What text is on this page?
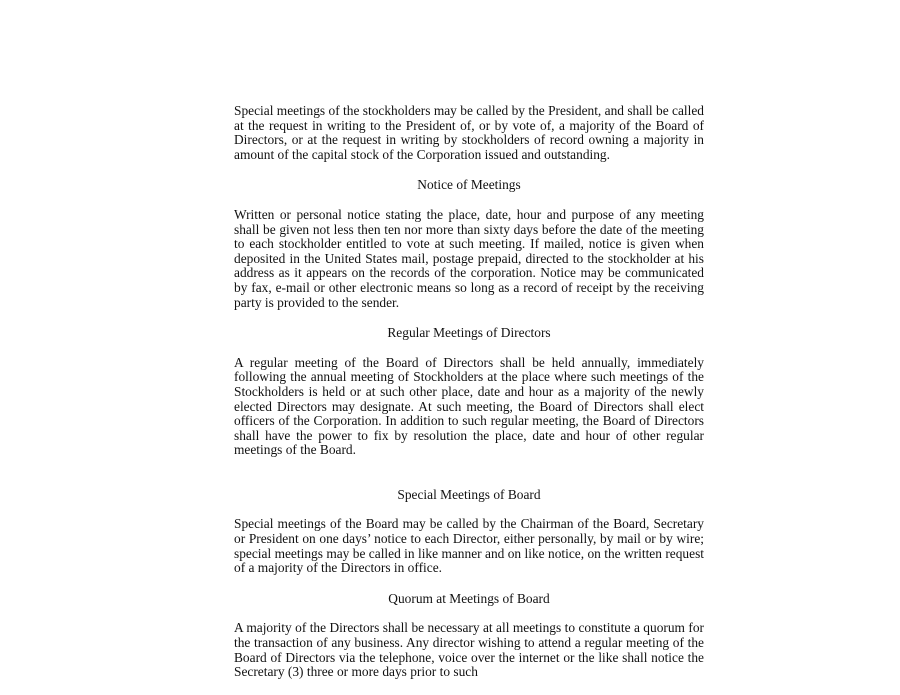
Special meetings of the stockholders may be called by the President, and shall be called at the request in writing to the President of, or by vote of, a majority of the Board of Directors, or at the request in writing by stockholders of record owning a majority in amount of the capital stock of the Corporation issued and outstanding.

Notice of Meetings

Written or personal notice stating the place, date, hour and purpose of any meeting shall be given not less then ten nor more than sixty days before the date of the meeting to each stockholder entitled to vote at such meeting. If mailed, notice is given when deposited in the United States mail, postage prepaid, directed to the stockholder at his address as it appears on the records of the corporation. Notice may be communicated by fax, e-mail or other electronic means so long as a record of receipt by the receiving party is provided to the sender.

Regular Meetings of Directors

A regular meeting of the Board of Directors shall be held annually, immediately following the annual meeting of Stockholders at the place where such meetings of the Stockholders is held or at such other place, date and hour as a majority of the newly elected Directors may designate. At such meeting, the Board of Directors shall elect officers of the Corporation. In addition to such regular meeting, the Board of Directors shall have the power to fix by resolution the place, date and hour of other regular meetings of the Board.

Special Meetings of Board

Special meetings of the Board may be called by the Chairman of the Board, Secretary or President on one days’ notice to each Director, either personally, by mail or by wire; special meetings may be called in like manner and on like notice, on the written request of a majority of the Directors in office.

Quorum at Meetings of Board

A majority of the Directors shall be necessary at all meetings to constitute a quorum for the transaction of any business. Any director wishing to attend a regular meeting of the Board of Directors via the telephone, voice over the internet or the like shall notice the Secretary (3) three or more days prior to such
